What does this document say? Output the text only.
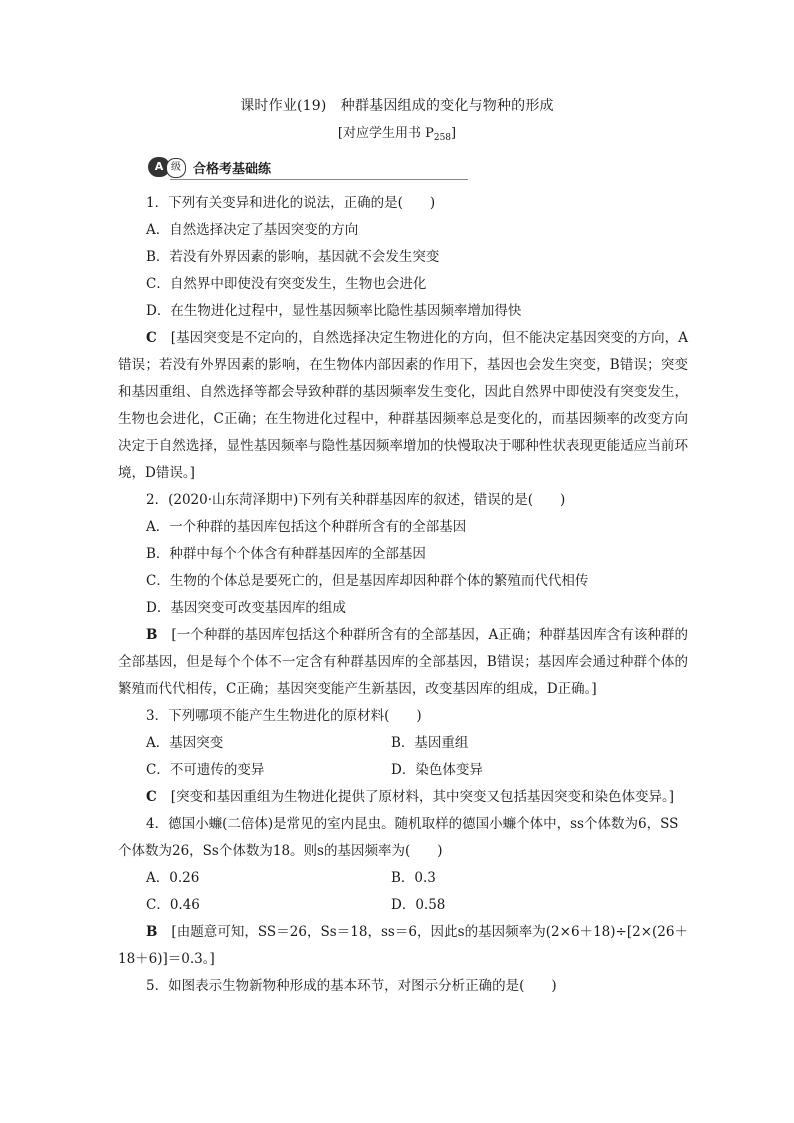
课时作业(19)　种群基因组成的变化与物种的形成
[对应学生用书 $P_{258}$]
A 级 合格考基础练

1．下列有关变异和进化的说法，正确的是(　　)

A．自然选择决定了基因突变的方向

B．若没有外界因素的影响，基因就不会发生突变

C．自然界中即使没有突变发生，生物也会进化

D．在生物进化过程中，显性基因频率比隐性基因频率增加得快

C [基因突变是不定向的，自然选择决定生物进化的方向，但不能决定基因突变的方向，A错误；若没有外界因素的影响，在生物体内部因素的作用下，基因也会发生突变，B错误；突变和基因重组、自然选择等都会导致种群的基因频率发生变化，因此自然界中即使没有突变发生，生物也会进化，C正确；在生物进化过程中，种群基因频率总是变化的，而基因频率的改变方向决定于自然选择，显性基因频率与隐性基因频率增加的快慢取决于哪种性状表现更能适应当前环境，D错误。]

2．(2020·山东菏泽期中)下列有关种群基因库的叙述，错误的是(　　)

A．一个种群的基因库包括这个种群所含有的全部基因

B．种群中每个个体含有种群基因库的全部基因

C．生物的个体总是要死亡的，但是基因库却因种群个体的繁殖而代代相传

D．基因突变可改变基因库的组成

B [一个种群的基因库包括这个种群所含有的全部基因，A正确；种群基因库含有该种群的全部基因，但是每个个体不一定含有种群基因库的全部基因，B错误；基因库会通过种群个体的繁殖而代代相传，C正确；基因突变能产生新基因，改变基因库的组成，D正确。]

3．下列哪项不能产生生物进化的原材料(　　)

A．基因突变	B．基因重组

C．不可遗传的变异	D．染色体变异

C [突变和基因重组为生物进化提供了原材料，其中突变又包括基因突变和染色体变异。]

4．德国小蠊(二倍体)是常见的室内昆虫。随机取样的德国小蠊个体中，ss个体数为6，SS个体数为26，Ss个体数为18。则s的基因频率为(　　)

A．0.26	B．0.3

C．0.46	D．0.58

B [由题意可知，SS＝26，Ss＝18，ss＝6，因此s的基因频率为(2×6＋18)÷[2×(26＋18＋6)]＝0.3。]

5．如图表示生物新物种形成的基本环节，对图示分析正确的是(　　)
